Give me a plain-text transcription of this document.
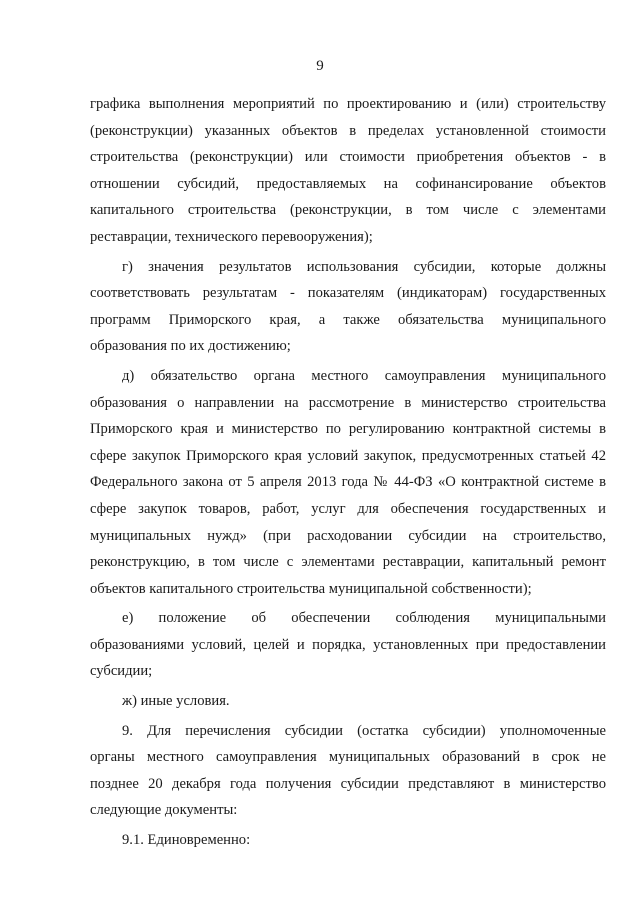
9
графика выполнения мероприятий по проектированию и (или) строительству
(реконструкции) указанных объектов в пределах установленной стоимости
строительства (реконструкции) или стоимости приобретения объектов - в
отношении субсидий, предоставляемых на софинансирование объектов
капитального строительства (реконструкции, в том числе с элементами
реставрации, технического перевооружения);
г) значения результатов использования субсидии, которые должны
соответствовать результатам - показателям (индикаторам) государственных
программ Приморского края, а также обязательства муниципального
образования по их достижению;
д) обязательство органа местного самоуправления муниципального
образования о направлении на рассмотрение в министерство строительства
Приморского края и министерство по регулированию контрактной системы в
сфере закупок Приморского края условий закупок, предусмотренных статьей 42
Федерального закона от 5 апреля 2013 года № 44-ФЗ «О контрактной системе в
сфере закупок товаров, работ, услуг для обеспечения государственных и
муниципальных нужд» (при расходовании субсидии на строительство,
реконструкцию, в том числе с элементами реставрации, капитальный ремонт
объектов капитального строительства муниципальной собственности);
е) положение об обеспечении соблюдения муниципальными
образованиями условий, целей и порядка, установленных при предоставлении
субсидии;
ж) иные условия.
9. Для перечисления субсидии (остатка субсидии) уполномоченные
органы местного самоуправления муниципальных образований в срок не
позднее 20 декабря года получения субсидии представляют в министерство
следующие документы:
9.1. Единовременно:
